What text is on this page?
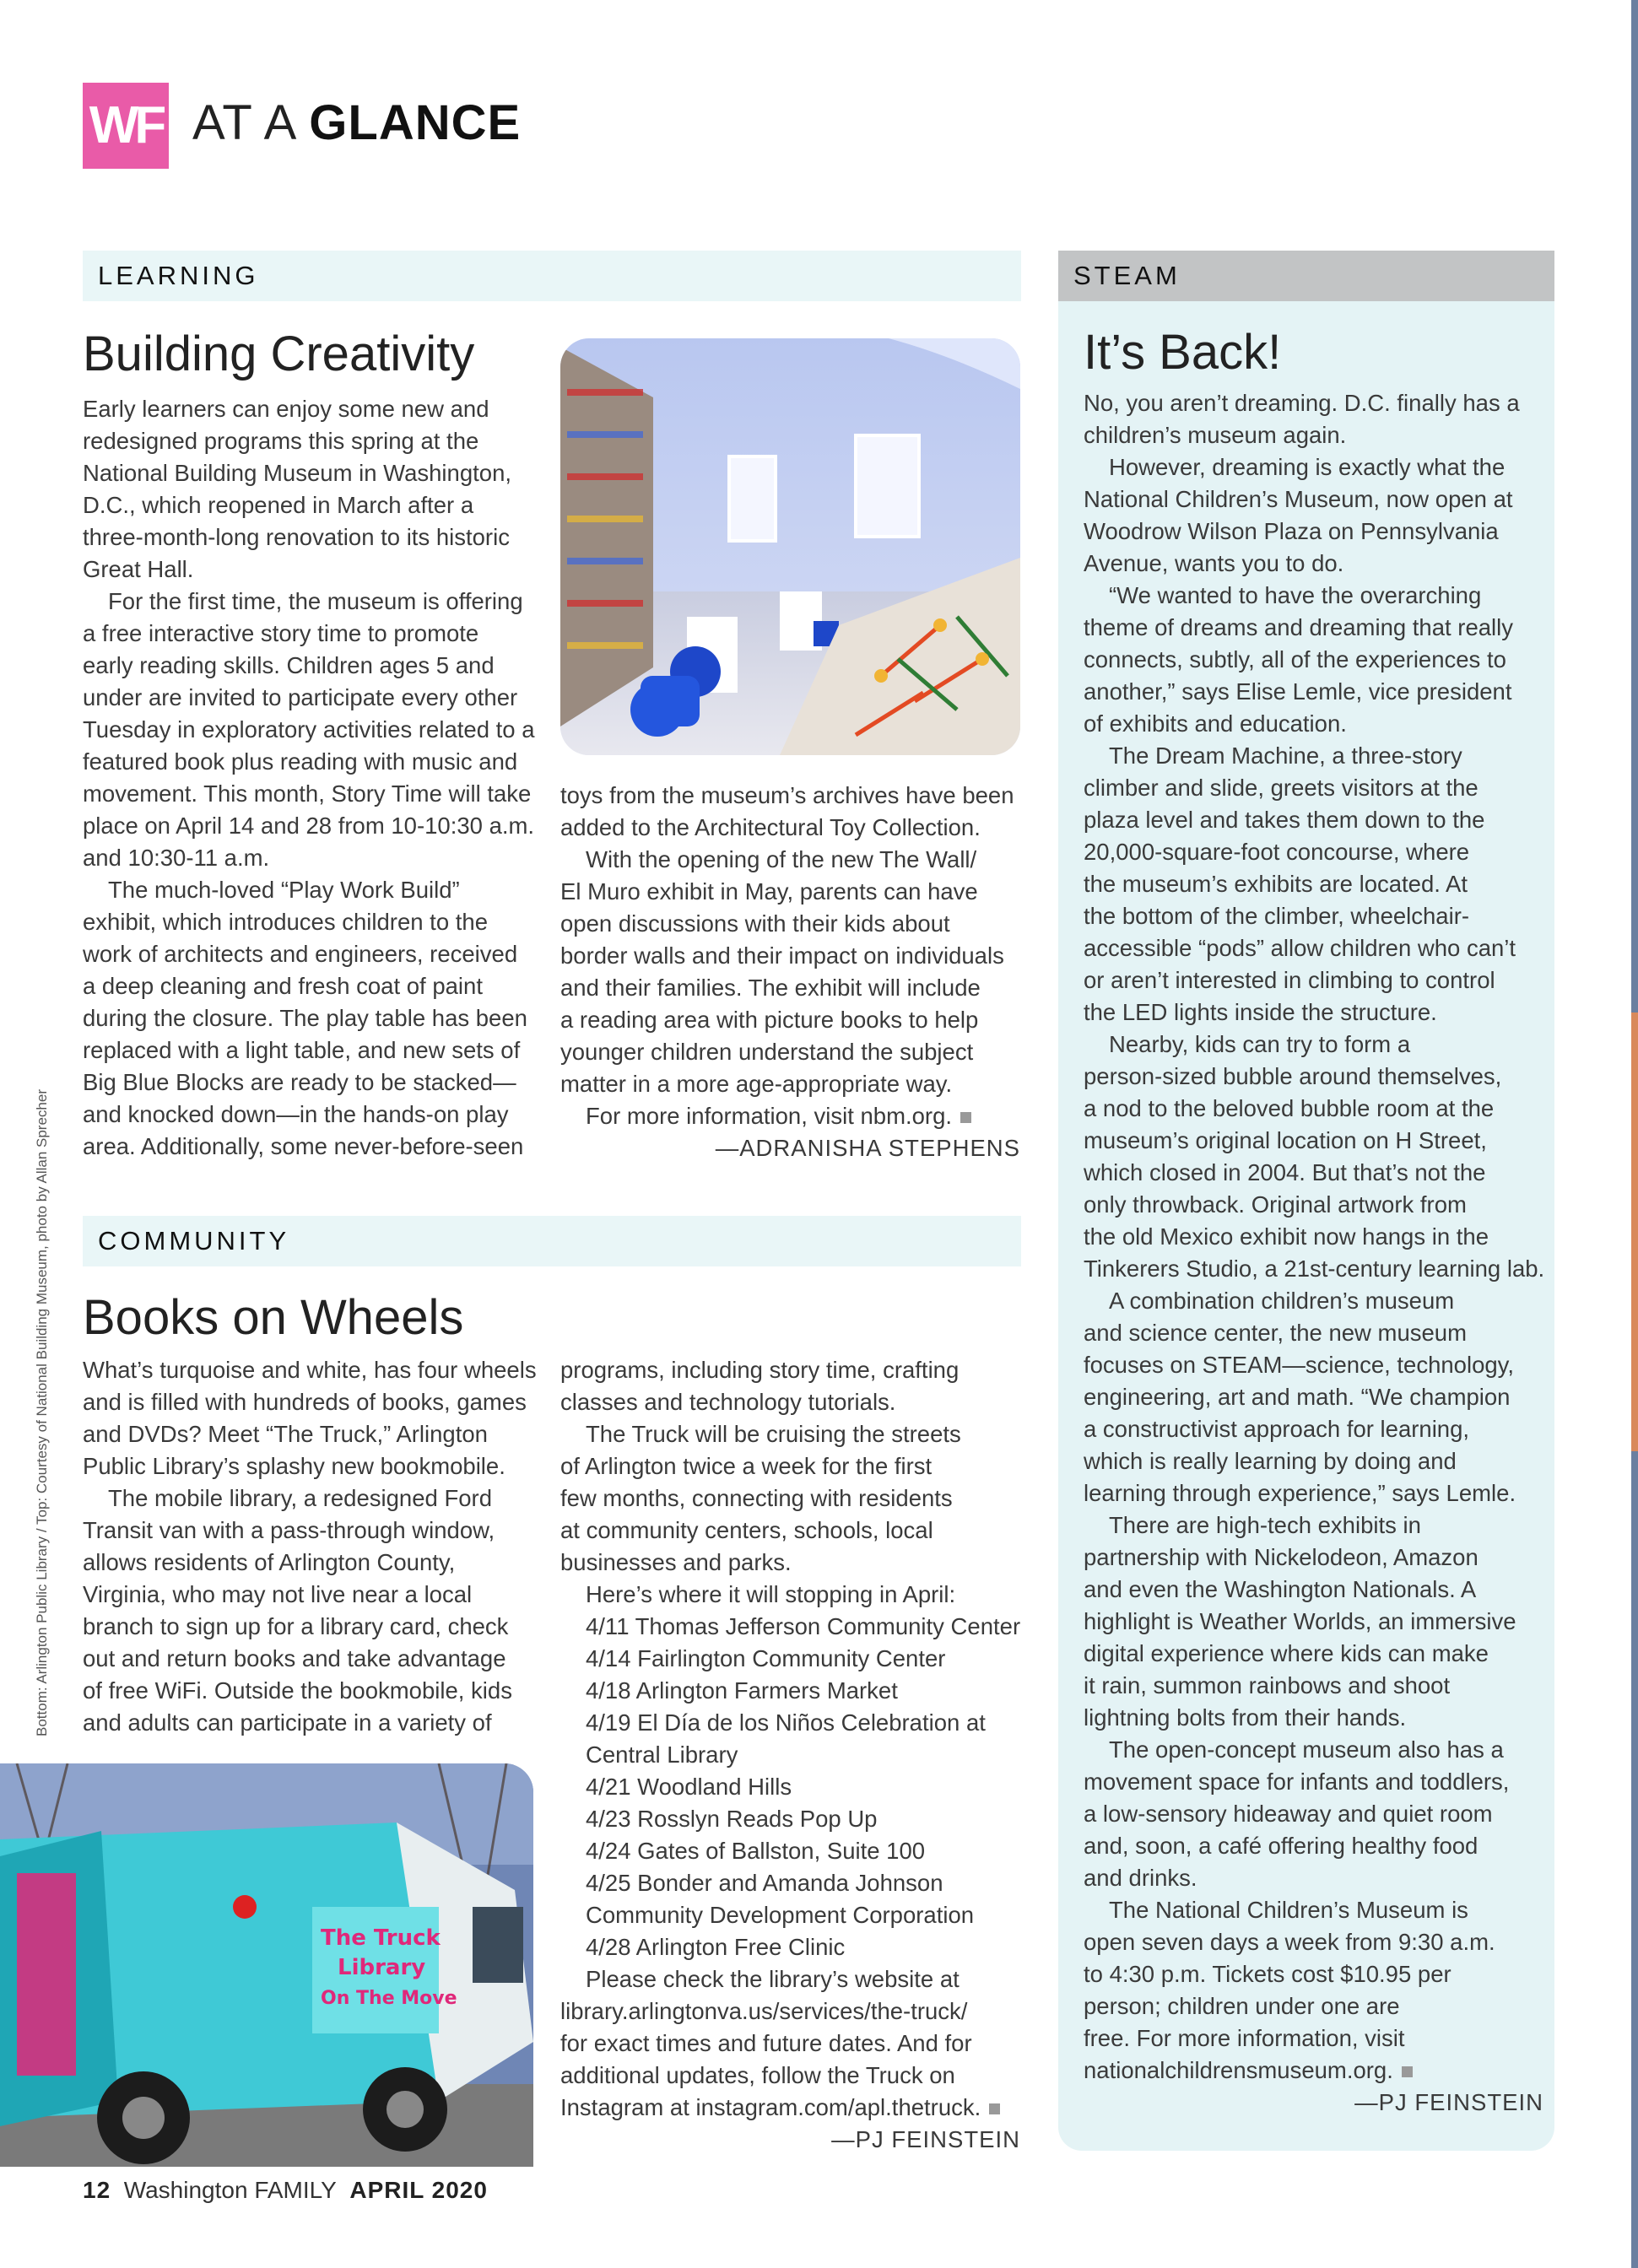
WF AT A GLANCE
LEARNING
Building Creativity

Early learners can enjoy some new and
redesigned programs this spring at the
National Building Museum in Washington,
D.C., which reopened in March after a
three-month-long renovation to its historic
Great Hall.

For the first time, the museum is offering
a free interactive story time to promote
early reading skills. Children ages 5 and
under are invited to participate every other
Tuesday in exploratory activities related to a
featured book plus reading with music and
movement. This month, Story Time will take
place on April 14 and 28 from 10-10:30 a.m.
and 10:30-11 a.m.

The much-loved “Play Work Build”
exhibit, which introduces children to the
work of architects and engineers, received
a deep cleaning and fresh coat of paint
during the closure. The play table has been
replaced with a light table, and new sets of
Big Blue Blocks are ready to be stacked—
and knocked down—in the hands-on play
area. Additionally, some never-before-seen

toys from the museum’s archives have been
added to the Architectural Toy Collection.

With the opening of the new The Wall/
El Muro exhibit in May, parents can have
open discussions with their kids about
border walls and their impact on individuals
and their families. The exhibit will include
a reading area with picture books to help
younger children understand the subject
matter in a more age-appropriate way.

For more information, visit nbm.org.

—ADRANISHA STEPHENS
COMMUNITY
Books on Wheels

What’s turquoise and white, has four wheels
and is filled with hundreds of books, games
and DVDs? Meet “The Truck,” Arlington
Public Library’s splashy new bookmobile.

The mobile library, a redesigned Ford
Transit van with a pass-through window,
allows residents of Arlington County,
Virginia, who may not live near a local
branch to sign up for a library card, check
out and return books and take advantage
of free WiFi. Outside the bookmobile, kids
and adults can participate in a variety of

The Truck
Library
On The Move

programs, including story time, crafting
classes and technology tutorials.

The Truck will be cruising the streets
of Arlington twice a week for the first
few months, connecting with residents
at community centers, schools, local
businesses and parks.

Here’s where it will stopping in April:

4/11 Thomas Jefferson Community Center
4/14 Fairlington Community Center
4/18 Arlington Farmers Market
4/19 El Día de los Niños Celebration at
Central Library
4/21 Woodland Hills
4/23 Rosslyn Reads Pop Up
4/24 Gates of Ballston, Suite 100
4/25 Bonder and Amanda Johnson
Community Development Corporation
4/28 Arlington Free Clinic

Please check the library’s website at
library.arlingtonva.us/services/the-truck/
for exact times and future dates. And for
additional updates, follow the Truck on
Instagram at instagram.com/apl.thetruck.

—PJ FEINSTEIN
STEAM
It’s Back!

No, you aren’t dreaming. D.C. finally has a
children’s museum again.

However, dreaming is exactly what the
National Children’s Museum, now open at
Woodrow Wilson Plaza on Pennsylvania
Avenue, wants you to do.

“We wanted to have the overarching
theme of dreams and dreaming that really
connects, subtly, all of the experiences to
another,” says Elise Lemle, vice president
of exhibits and education.

The Dream Machine, a three-story
climber and slide, greets visitors at the
plaza level and takes them down to the
20,000-square-foot concourse, where
the museum’s exhibits are located. At
the bottom of the climber, wheelchair-
accessible “pods” allow children who can’t
or aren’t interested in climbing to control
the LED lights inside the structure.

Nearby, kids can try to form a
person-sized bubble around themselves,
a nod to the beloved bubble room at the
museum’s original location on H Street,
which closed in 2004. But that’s not the
only throwback. Original artwork from
the old Mexico exhibit now hangs in the
Tinkerers Studio, a 21st-century learning lab.

A combination children’s museum
and science center, the new museum
focuses on STEAM—science, technology,
engineering, art and math. “We champion
a constructivist approach for learning,
which is really learning by doing and
learning through experience,” says Lemle.

There are high-tech exhibits in
partnership with Nickelodeon, Amazon
and even the Washington Nationals. A
highlight is Weather Worlds, an immersive
digital experience where kids can make
it rain, summon rainbows and shoot
lightning bolts from their hands.

The open-concept museum also has a
movement space for infants and toddlers,
a low-sensory hideaway and quiet room
and, soon, a café offering healthy food
and drinks.

The National Children’s Museum is
open seven days a week from 9:30 a.m.
to 4:30 p.m. Tickets cost $10.95 per
person; children under one are
free. For more information, visit
nationalchildrensmuseum.org.

—PJ FEINSTEIN
Bottom: Arlington Public Library / Top: Courtesy of National Building Museum, photo by Allan Sprecher
12 Washington FAMILY APRIL 2020
